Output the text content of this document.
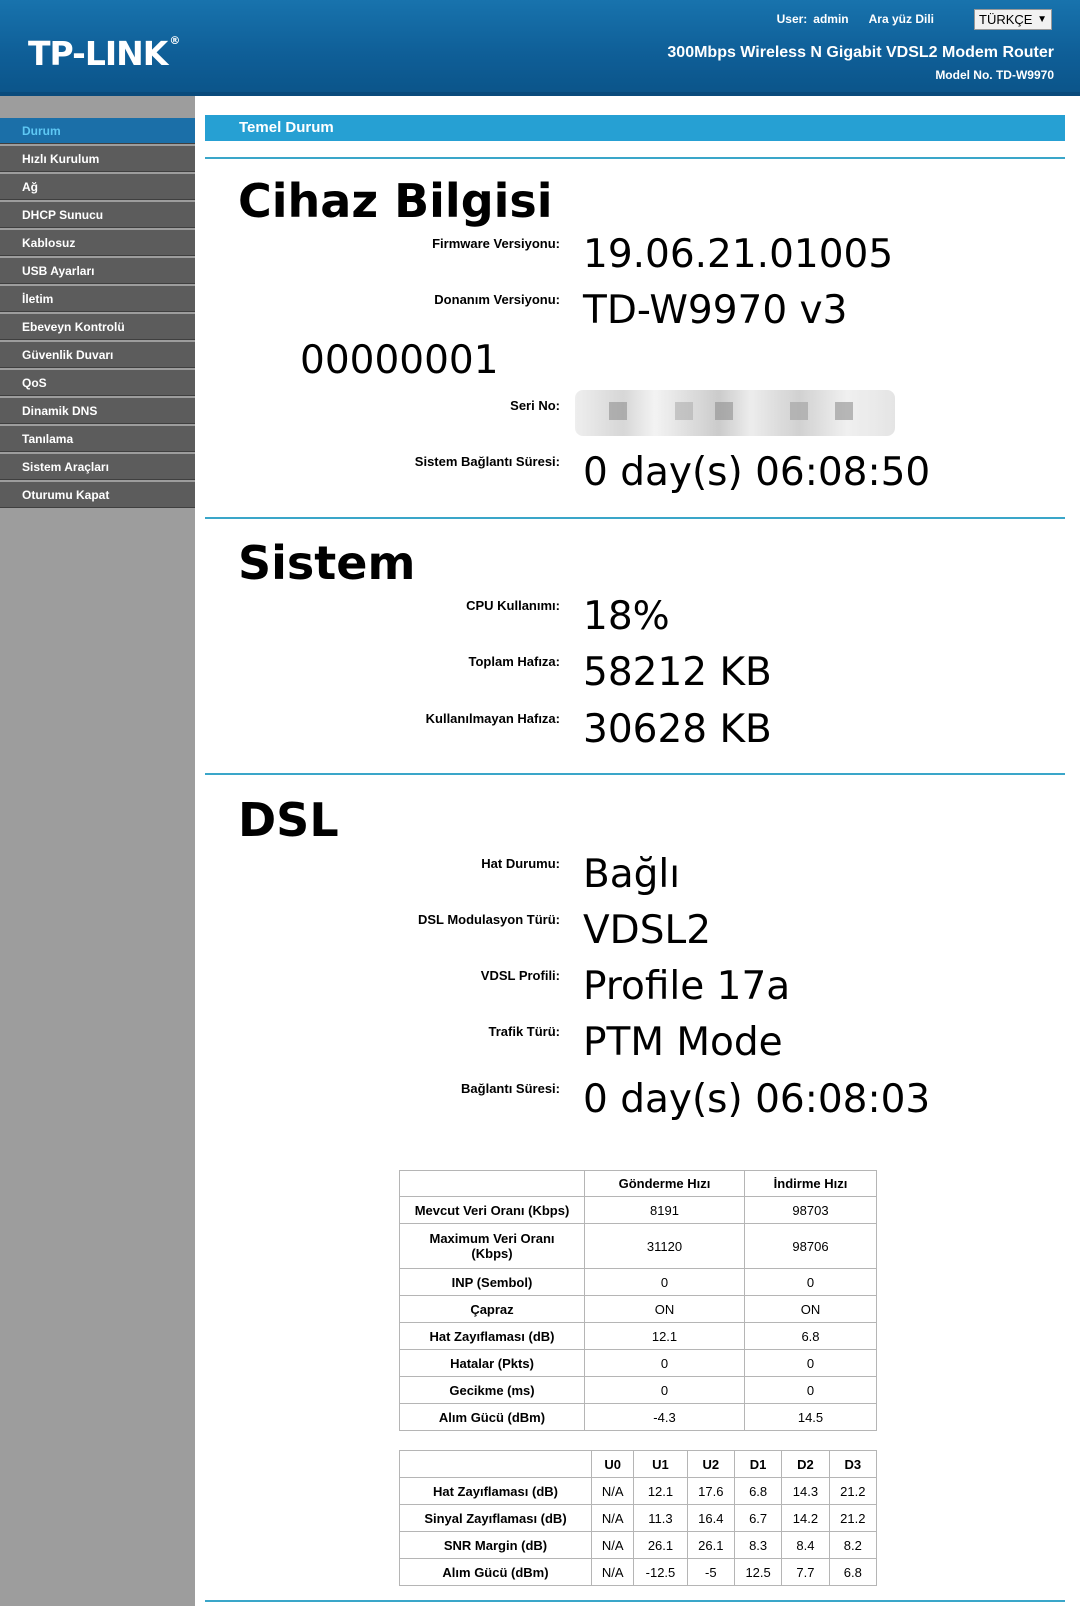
TP-LINK ®
User: admin Ara yüz Dili	TÜRKÇE ▼
300Mbps Wireless N Gigabit VDSL2 Modem Router
Model No. TD-W9970
Durum
Hızlı Kurulum
Ağ
DHCP Sunucu
Kablosuz
USB Ayarları
İletim
Ebeveyn Kontrolü
Güvenlik Duvarı
QoS
Dinamik DNS
Tanılama
Sistem Araçları
Oturumu Kapat
Temel Durum
Cihaz Bilgisi
Firmware Versiyonu: 19.06.21.01005
Donanım Versiyonu: TD-W9970 v3
00000001
Seri No:
Sistem Bağlantı Süresi: 0 day(s) 06:08:50
Sistem
CPU Kullanımı: 18%
Toplam Hafıza: 58212 KB
Kullanılmayan Hafıza: 30628 KB
DSL
Hat Durumu: Bağlı
DSL Modulasyon Türü: VDSL2
VDSL Profili: Profile 17a
Trafik Türü: PTM Mode
Bağlantı Süresi: 0 day(s) 06:08:03
	Gönderme Hızı	İndirme Hızı
Mevcut Veri Oranı (Kbps)	8191	98703
Maximum Veri Oranı (Kbps)	31120	98706
INP (Sembol)	0	0
Çapraz	ON	ON
Hat Zayıflaması (dB)	12.1	6.8
Hatalar (Pkts)	0	0
Gecikme (ms)	0	0
Alım Gücü (dBm)	-4.3	14.5
	U0	U1	U2	D1	D2	D3
Hat Zayıflaması (dB)	N/A	12.1	17.6	6.8	14.3	21.2
Sinyal Zayıflaması (dB)	N/A	11.3	16.4	6.7	14.2	21.2
SNR Margin (dB)	N/A	26.1	26.1	8.3	8.4	8.2
Alım Gücü (dBm)	N/A	-12.5	-5	12.5	7.7	6.8
